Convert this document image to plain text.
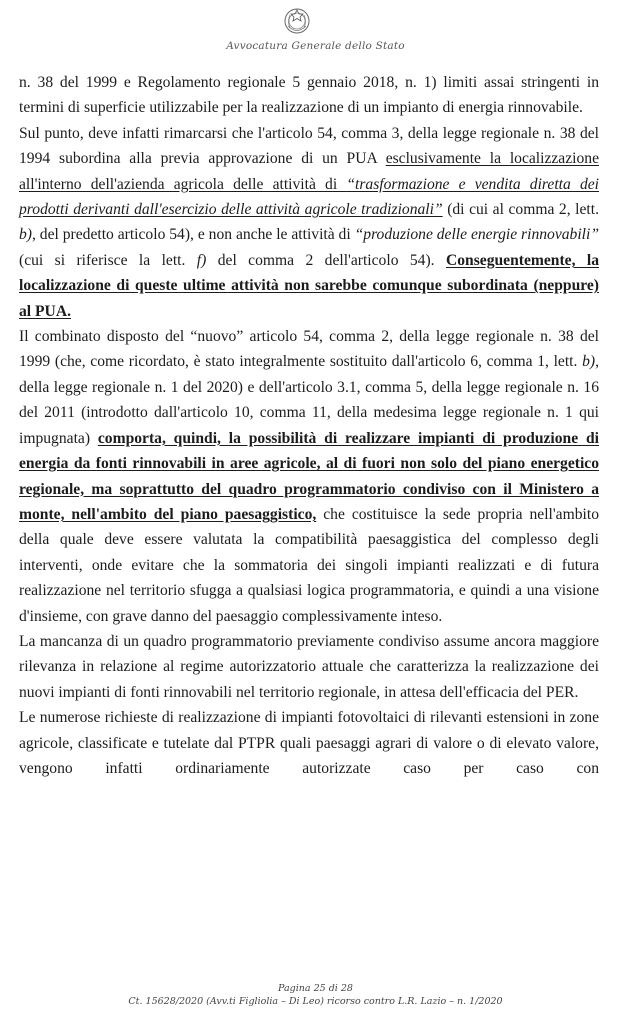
Avvocatura Generale dello Stato

n. 38 del 1999 e Regolamento regionale 5 gennaio 2018, n. 1) limiti assai stringenti in termini di superficie utilizzabile per la realizzazione di un impianto di energia rinnovabile.

Sul punto, deve infatti rimarcarsi che l'articolo 54, comma 3, della legge regionale n. 38 del 1994 subordina alla previa approvazione di un PUA esclusivamente la localizzazione all'interno dell'azienda agricola delle attività di “trasformazione e vendita diretta dei prodotti derivanti dall'esercizio delle attività agricole tradizionali” (di cui al comma 2, lett. b), del predetto articolo 54), e non anche le attività di “produzione delle energie rinnovabili” (cui si riferisce la lett. f) del comma 2 dell'articolo 54). Conseguentemente, la localizzazione di queste ultime attività non sarebbe comunque subordinata (neppure) al PUA.

Il combinato disposto del “nuovo” articolo 54, comma 2, della legge regionale n. 38 del 1999 (che, come ricordato, è stato integralmente sostituito dall'articolo 6, comma 1, lett. b), della legge regionale n. 1 del 2020) e dell'articolo 3.1, comma 5, della legge regionale n. 16 del 2011 (introdotto dall'articolo 10, comma 11, della medesima legge regionale n. 1 qui impugnata) comporta, quindi, la possibilità di realizzare impianti di produzione di energia da fonti rinnovabili in aree agricole, al di fuori non solo del piano energetico regionale, ma soprattutto del quadro programmatorio condiviso con il Ministero a monte, nell'ambito del piano paesaggistico, che costituisce la sede propria nell'ambito della quale deve essere valutata la compatibilità paesaggistica del complesso degli interventi, onde evitare che la sommatoria dei singoli impianti realizzati e di futura realizzazione nel territorio sfugga a qualsiasi logica programmatoria, e quindi a una visione d'insieme, con grave danno del paesaggio complessivamente inteso.

La mancanza di un quadro programmatorio previamente condiviso assume ancora maggiore rilevanza in relazione al regime autorizzatorio attuale che caratterizza la realizzazione dei nuovi impianti di fonti rinnovabili nel territorio regionale, in attesa dell'efficacia del PER.

Le numerose richieste di realizzazione di impianti fotovoltaici di rilevanti estensioni in zone agricole, classificate e tutelate dal PTPR quali paesaggi agrari di valore o di elevato valore, vengono infatti ordinariamente autorizzate caso per caso con

Pagina 25 di 28
Ct. 15628/2020 (Avv.ti Figliolia – Di Leo) ricorso contro L.R. Lazio – n. 1/2020
